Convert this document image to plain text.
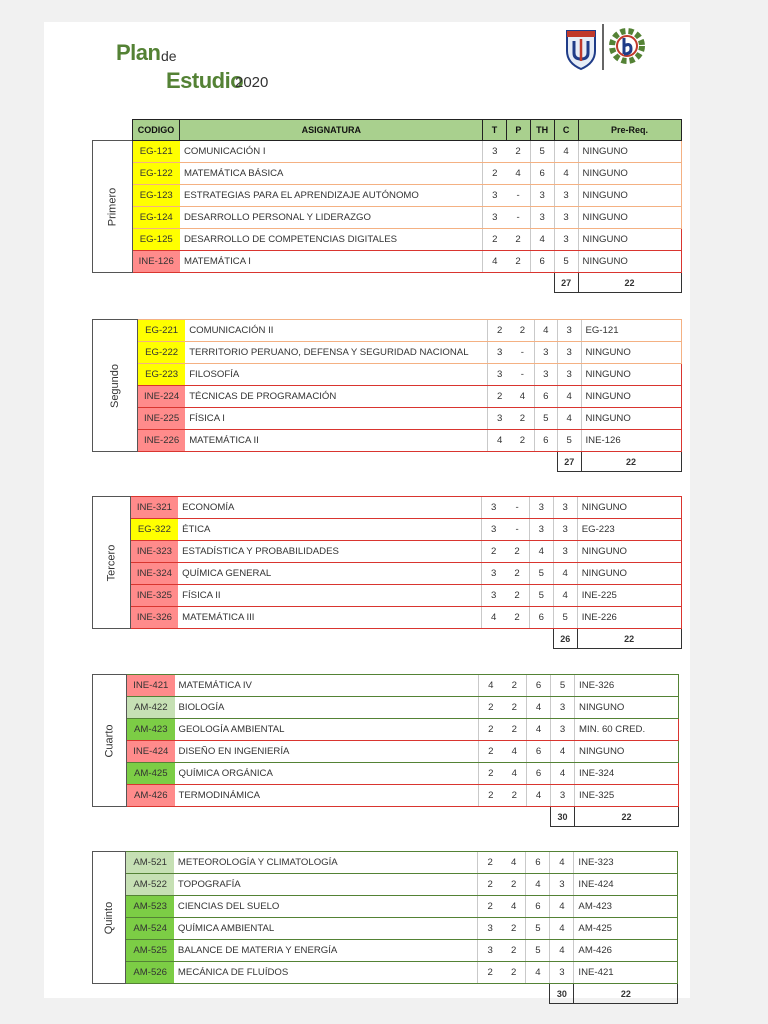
Plan de
Estudio
2020
	CODIGO	ASIGNATURA	T	P	TH	C	Pre-Req.	
Primero	EG-121	COMUNICACIÓN I	3	2	5	4	NINGUNO	
	EG-122	MATEMÁTICA BÁSICA	2	4	6	4	NINGUNO	
	EG-123	ESTRATEGIAS PARA EL APRENDIZAJE AUTÓNOMO	3	-	3	3	NINGUNO	
	EG-124	DESARROLLO PERSONAL Y LIDERAZGO	3	-	3	3	NINGUNO	
	EG-125	DESARROLLO DE COMPETENCIAS DIGITALES	2	2	4	3	NINGUNO	
	INE-126	MATEMÁTICA I	4	2	6	5	NINGUNO	
						27	22	
Segundo	EG-221	COMUNICACIÓN II	2	2	4	3	EG-121	
	EG-222	TERRITORIO PERUANO, DEFENSA Y SEGURIDAD NACIONAL	3	-	3	3	NINGUNO	
	EG-223	FILOSOFÍA	3	-	3	3	NINGUNO	
	INE-224	TÉCNICAS DE PROGRAMACIÓN	2	4	6	4	NINGUNO	
	INE-225	FÍSICA I	3	2	5	4	NINGUNO	
	INE-226	MATEMÁTICA II	4	2	6	5	INE-126	
						27	22	
Tercero	INE-321	ECONOMÍA	3	-	3	3	NINGUNO	
	EG-322	ÉTICA	3	-	3	3	EG-223	
	INE-323	ESTADÍSTICA Y PROBABILIDADES	2	2	4	3	NINGUNO	
	INE-324	QUÍMICA GENERAL	3	2	5	4	NINGUNO	
	INE-325	FÍSICA II	3	2	5	4	INE-225	
	INE-326	MATEMÁTICA III	4	2	6	5	INE-226	
						26	22	
Cuarto	INE-421	MATEMÁTICA IV	4	2	6	5	INE-326	
	AM-422	BIOLOGÍA	2	2	4	3	NINGUNO	
	AM-423	GEOLOGÍA AMBIENTAL	2	2	4	3	MIN. 60 CRED.	
	INE-424	DISEÑO EN INGENIERÍA	2	4	6	4	NINGUNO	
	AM-425	QUÍMICA ORGÁNICA	2	4	6	4	INE-324	
	AM-426	TERMODINÁMICA	2	2	4	3	INE-325	
						30	22	
Quinto	AM-521	METEOROLOGÍA Y CLIMATOLOGÍA	2	4	6	4	INE-323	
	AM-522	TOPOGRAFÍA	2	2	4	3	INE-424	
	AM-523	CIENCIAS DEL SUELO	2	4	6	4	AM-423	
	AM-524	QUÍMICA AMBIENTAL	3	2	5	4	AM-425	
	AM-525	BALANCE DE MATERIA Y ENERGÍA	3	2	5	4	AM-426	
	AM-526	MECÁNICA DE FLUÍDOS	2	2	4	3	INE-421	
						30	22	
